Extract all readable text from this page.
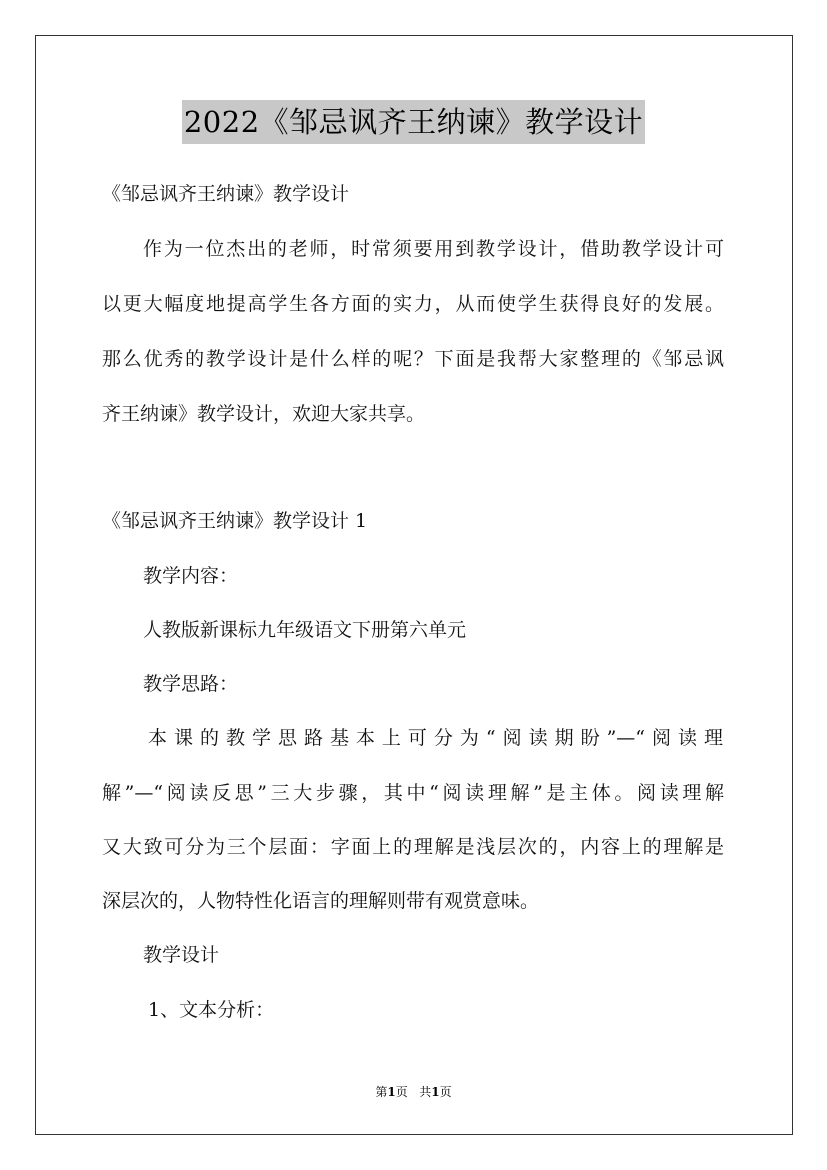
2022《邹忌讽齐王纳谏》教学设计
《邹忌讽齐王纳谏》教学设计
作为一位杰出的老师，时常须要用到教学设计，借助教学设计可
以更大幅度地提高学生各方面的实力，从而使学生获得良好的发展。
那么优秀的教学设计是什么样的呢？下面是我帮大家整理的《邹忌讽
齐王纳谏》教学设计，欢迎大家共享。
《邹忌讽齐王纳谏》教学设计 1
教学内容：
人教版新课标九年级语文下册第六单元
教学思路：
本课的教学思路基本上可分为“阅读期盼”—“阅读理
解”—“阅读反思”三大步骤，其中“阅读理解”是主体。阅读理解
又大致可分为三个层面：字面上的理解是浅层次的，内容上的理解是
深层次的，人物特性化语言的理解则带有观赏意味。
教学设计
1、文本分析：
第1页   共1页
